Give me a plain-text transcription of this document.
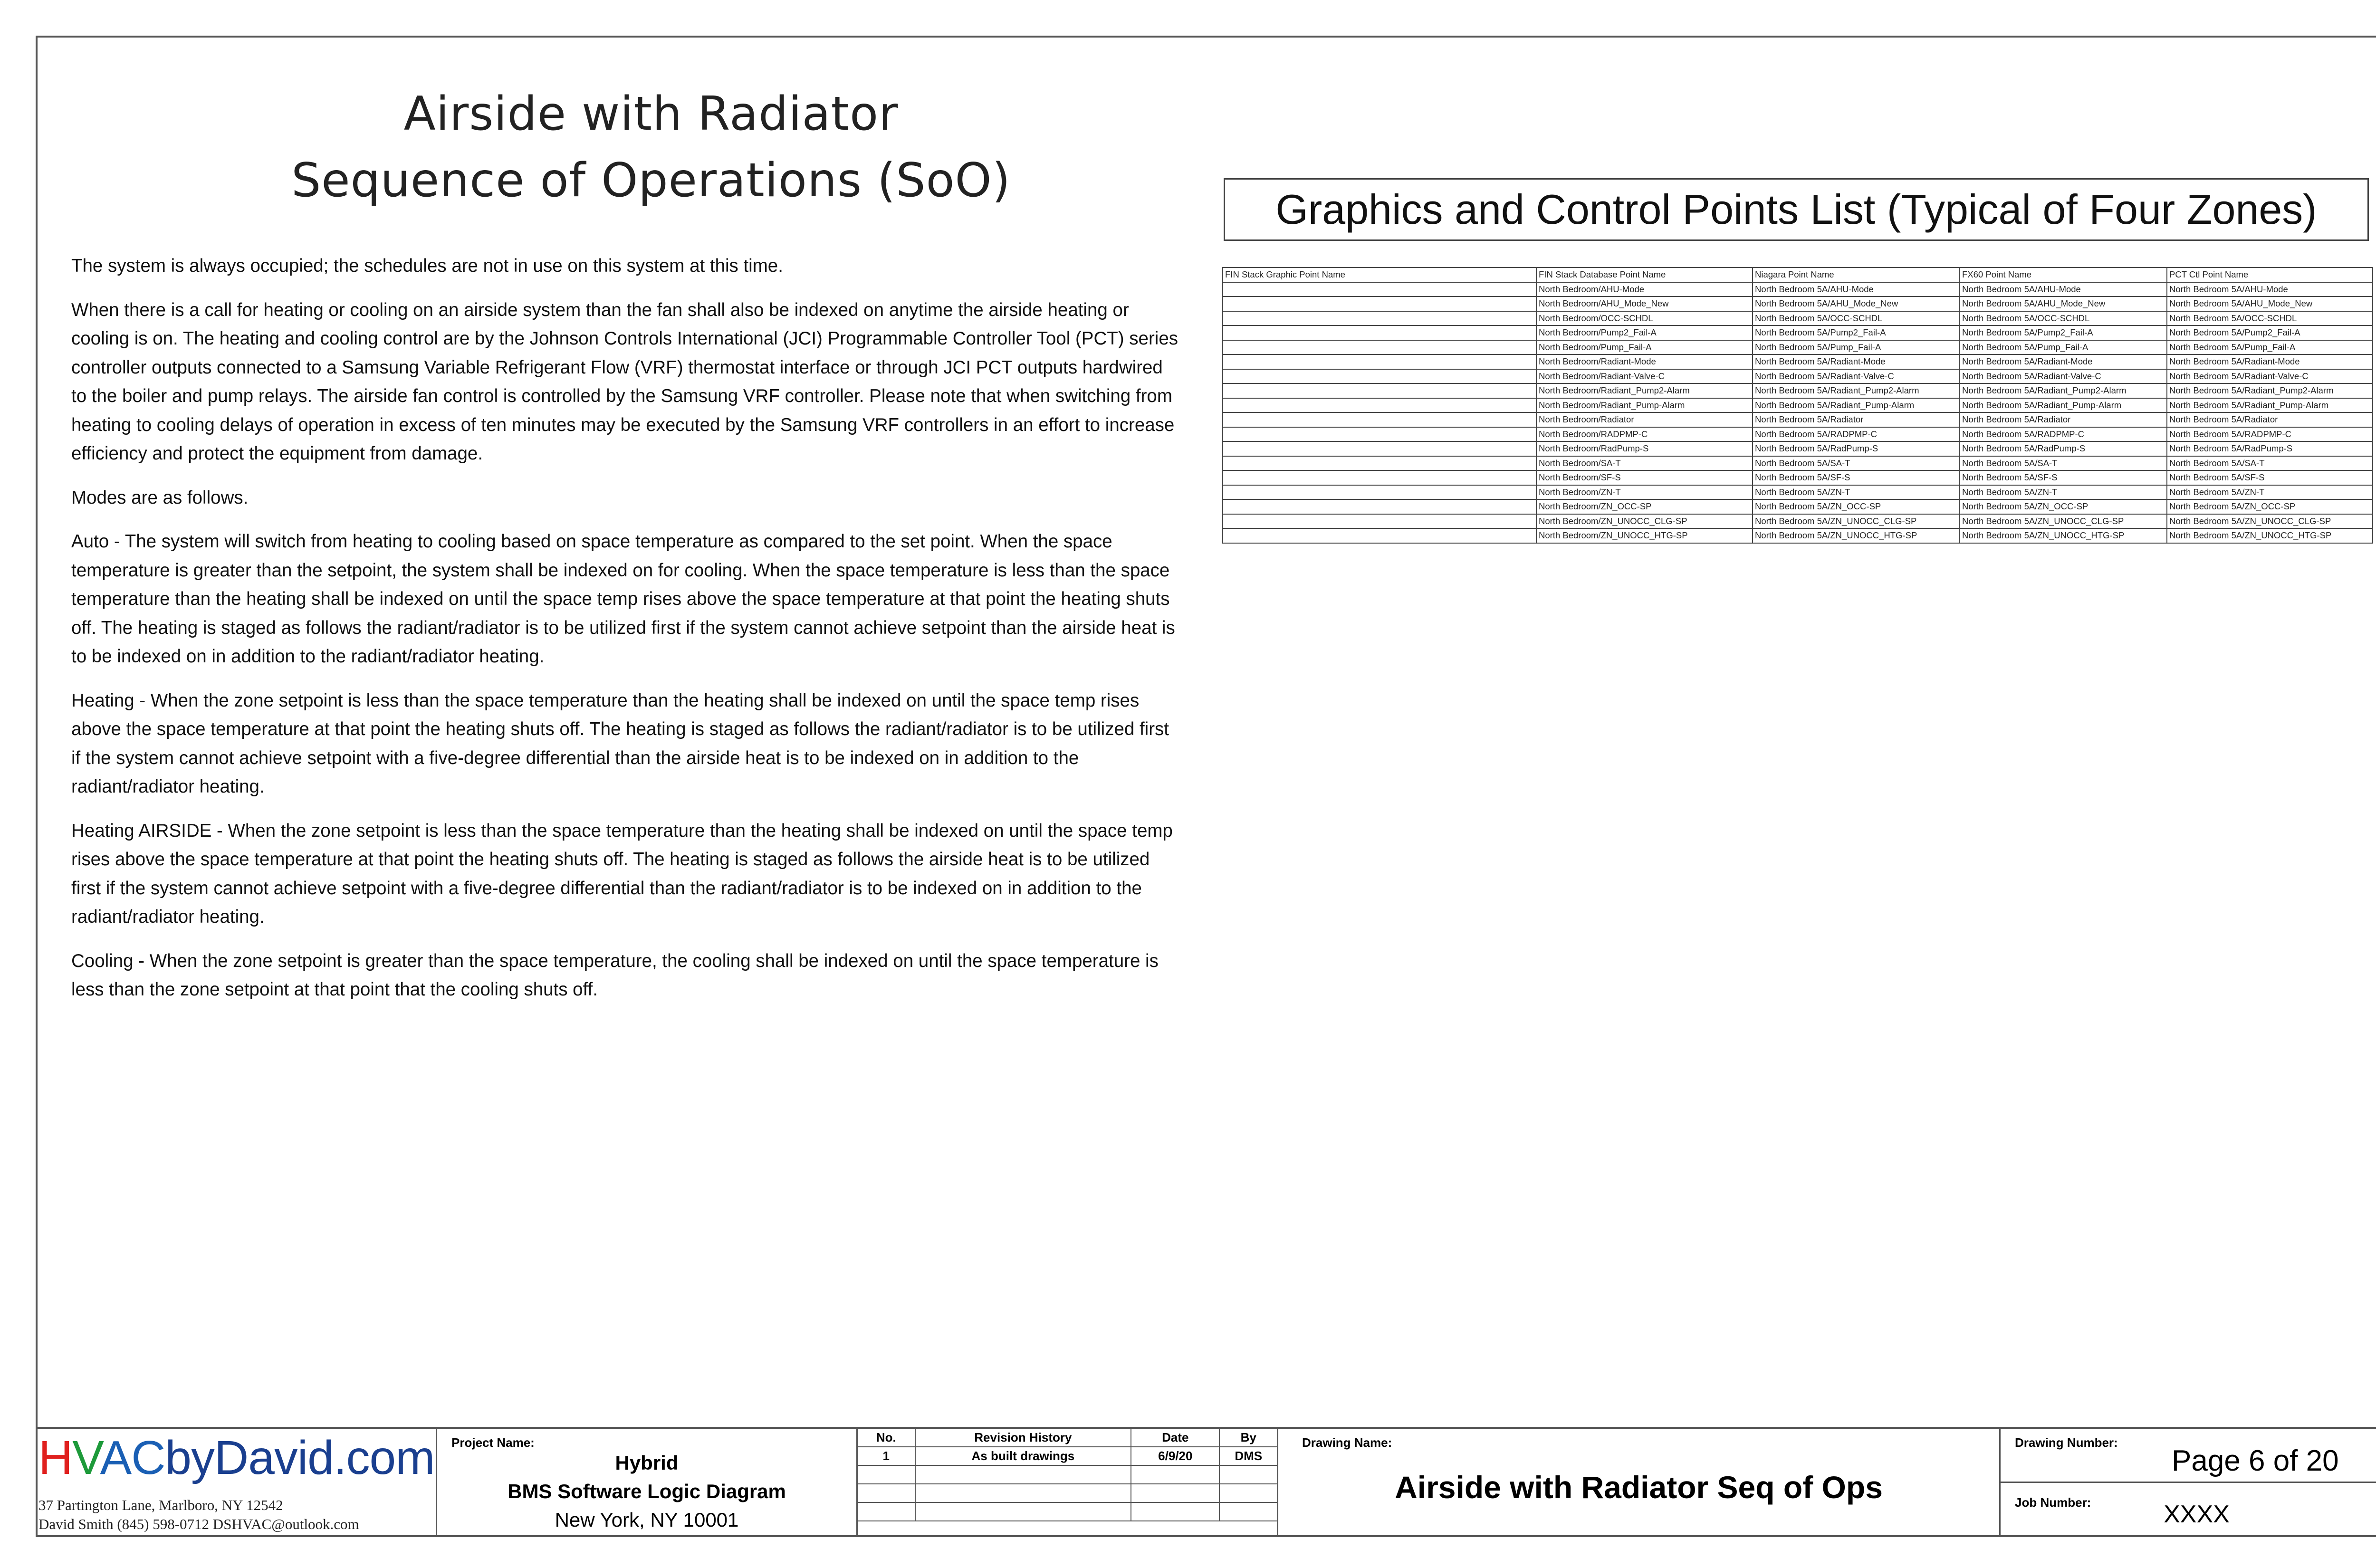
Airside with Radiator
Sequence of Operations (SoO)

The system is always occupied; the schedules are not in use on this system at this time.

When there is a call for heating or cooling on an airside system than the fan shall also be indexed on anytime the airside heating or cooling is on. The heating and cooling control are by the Johnson Controls International (JCI) Programmable Controller Tool (PCT) series controller outputs connected to a Samsung Variable Refrigerant Flow (VRF) thermostat interface or through JCI PCT outputs hardwired to the boiler and pump relays. The airside fan control is controlled by the Samsung VRF controller. Please note that when switching from heating to cooling delays of operation in excess of ten minutes may be executed by the Samsung VRF controllers in an effort to increase efficiency and protect the equipment from damage.

Modes are as follows.

Auto - The system will switch from heating to cooling based on space temperature as compared to the set point. When the space temperature is greater than the setpoint, the system shall be indexed on for cooling. When the space temperature is less than the space temperature than the heating shall be indexed on until the space temp rises above the space temperature at that point the heating shuts off. The heating is staged as follows the radiant/radiator is to be utilized first if the system cannot achieve setpoint than the airside heat is to be indexed on in addition to the radiant/radiator heating.

Heating - When the zone setpoint is less than the space temperature than the heating shall be indexed on until the space temp rises above the space temperature at that point the heating shuts off. The heating is staged as follows the radiant/radiator is to be utilized first if the system cannot achieve setpoint with a five-degree differential than the airside heat is to be indexed on in addition to the radiant/radiator heating.

Heating AIRSIDE - When the zone setpoint is less than the space temperature than the heating shall be indexed on until the space temp rises above the space temperature at that point the heating shuts off. The heating is staged as follows the airside heat is to be utilized first if the system cannot achieve setpoint with a five-degree differential than the radiant/radiator is to be indexed on in addition to the radiant/radiator heating.

Cooling - When the zone setpoint is greater than the space temperature, the cooling shall be indexed on until the space temperature is less than the zone setpoint at that point that the cooling shuts off.

Graphics and Control Points List (Typical of Four Zones)
FIN Stack Graphic Point Name	FIN Stack Database Point Name	Niagara Point Name	FX60 Point Name	PCT Ctl Point Name
	North Bedroom/AHU-Mode	North Bedroom 5A/AHU-Mode	North Bedroom 5A/AHU-Mode	North Bedroom 5A/AHU-Mode
	North Bedroom/AHU_Mode_New	North Bedroom 5A/AHU_Mode_New	North Bedroom 5A/AHU_Mode_New	North Bedroom 5A/AHU_Mode_New
	North Bedroom/OCC-SCHDL	North Bedroom 5A/OCC-SCHDL	North Bedroom 5A/OCC-SCHDL	North Bedroom 5A/OCC-SCHDL
	North Bedroom/Pump2_Fail-A	North Bedroom 5A/Pump2_Fail-A	North Bedroom 5A/Pump2_Fail-A	North Bedroom 5A/Pump2_Fail-A
	North Bedroom/Pump_Fail-A	North Bedroom 5A/Pump_Fail-A	North Bedroom 5A/Pump_Fail-A	North Bedroom 5A/Pump_Fail-A
	North Bedroom/Radiant-Mode	North Bedroom 5A/Radiant-Mode	North Bedroom 5A/Radiant-Mode	North Bedroom 5A/Radiant-Mode
	North Bedroom/Radiant-Valve-C	North Bedroom 5A/Radiant-Valve-C	North Bedroom 5A/Radiant-Valve-C	North Bedroom 5A/Radiant-Valve-C
	North Bedroom/Radiant_Pump2-Alarm	North Bedroom 5A/Radiant_Pump2-Alarm	North Bedroom 5A/Radiant_Pump2-Alarm	North Bedroom 5A/Radiant_Pump2-Alarm
	North Bedroom/Radiant_Pump-Alarm	North Bedroom 5A/Radiant_Pump-Alarm	North Bedroom 5A/Radiant_Pump-Alarm	North Bedroom 5A/Radiant_Pump-Alarm
	North Bedroom/Radiator	North Bedroom 5A/Radiator	North Bedroom 5A/Radiator	North Bedroom 5A/Radiator
	North Bedroom/RADPMP-C	North Bedroom 5A/RADPMP-C	North Bedroom 5A/RADPMP-C	North Bedroom 5A/RADPMP-C
	North Bedroom/RadPump-S	North Bedroom 5A/RadPump-S	North Bedroom 5A/RadPump-S	North Bedroom 5A/RadPump-S
	North Bedroom/SA-T	North Bedroom 5A/SA-T	North Bedroom 5A/SA-T	North Bedroom 5A/SA-T
	North Bedroom/SF-S	North Bedroom 5A/SF-S	North Bedroom 5A/SF-S	North Bedroom 5A/SF-S
	North Bedroom/ZN-T	North Bedroom 5A/ZN-T	North Bedroom 5A/ZN-T	North Bedroom 5A/ZN-T
	North Bedroom/ZN_OCC-SP	North Bedroom 5A/ZN_OCC-SP	North Bedroom 5A/ZN_OCC-SP	North Bedroom 5A/ZN_OCC-SP
	North Bedroom/ZN_UNOCC_CLG-SP	North Bedroom 5A/ZN_UNOCC_CLG-SP	North Bedroom 5A/ZN_UNOCC_CLG-SP	North Bedroom 5A/ZN_UNOCC_CLG-SP
	North Bedroom/ZN_UNOCC_HTG-SP	North Bedroom 5A/ZN_UNOCC_HTG-SP	North Bedroom 5A/ZN_UNOCC_HTG-SP	North Bedroom 5A/ZN_UNOCC_HTG-SP
HVACbyDavid.com
37 Partington Lane, Marlboro, NY 12542
David Smith (845) 598-0712 DSHVAC@outlook.com
Project Name:
Hybrid
BMS Software Logic Diagram
New York, NY 10001
No.	Revision History	Date	By
1	As built drawings	6/9/20	DMS

Drawing Name:
Airside with Radiator Seq of Ops
Drawing Number:
Page 6 of 20
Job Number:	XXXX
